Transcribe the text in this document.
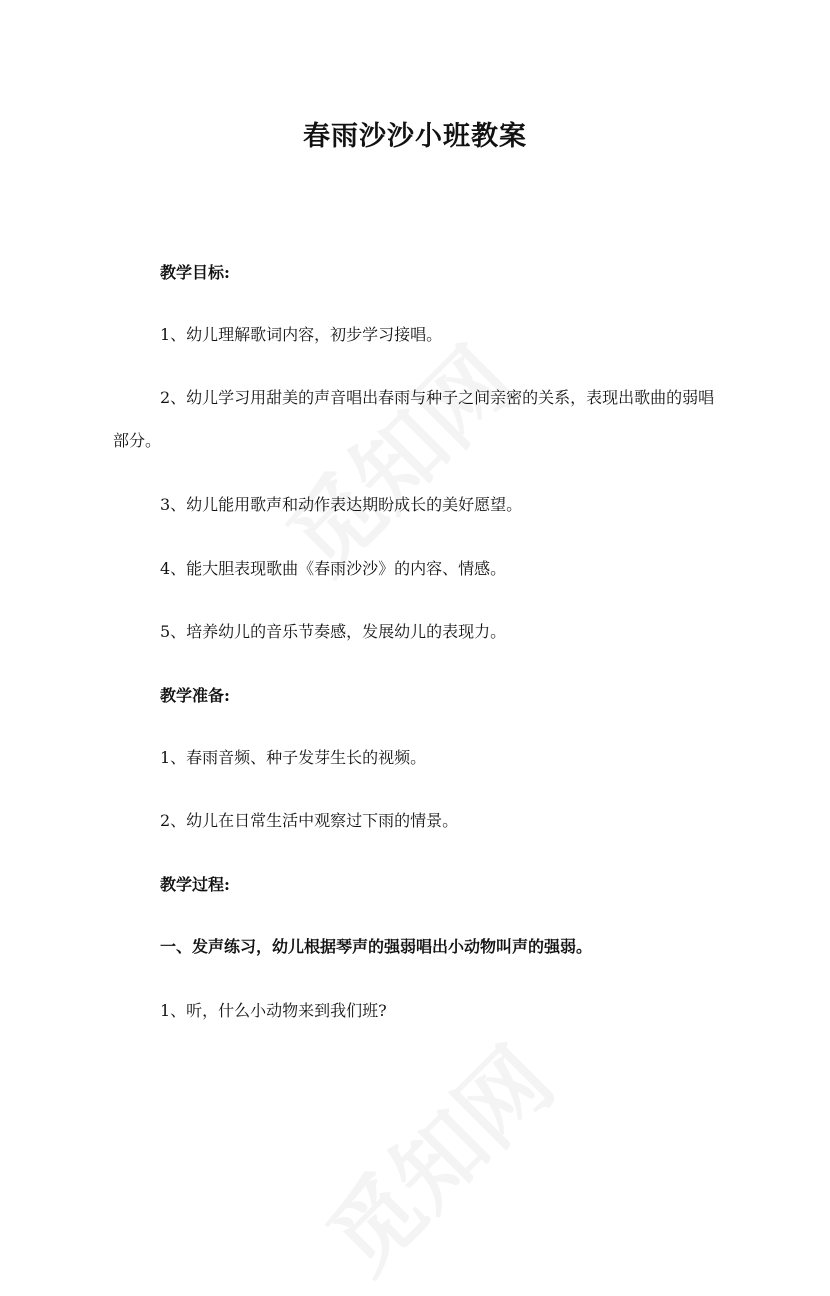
春雨沙沙小班教案
教学目标:
1、幼儿理解歌词内容，初步学习接唱。
2、幼儿学习用甜美的声音唱出春雨与种子之间亲密的关系，表现出歌曲的弱唱部分。
3、幼儿能用歌声和动作表达期盼成长的美好愿望。
4、能大胆表现歌曲《春雨沙沙》的内容、情感。
5、培养幼儿的音乐节奏感，发展幼儿的表现力。
教学准备:
1、春雨音频、种子发芽生长的视频。
2、幼儿在日常生活中观察过下雨的情景。
教学过程:
一、发声练习，幼儿根据琴声的强弱唱出小动物叫声的强弱。
1、听，什么小动物来到我们班?
